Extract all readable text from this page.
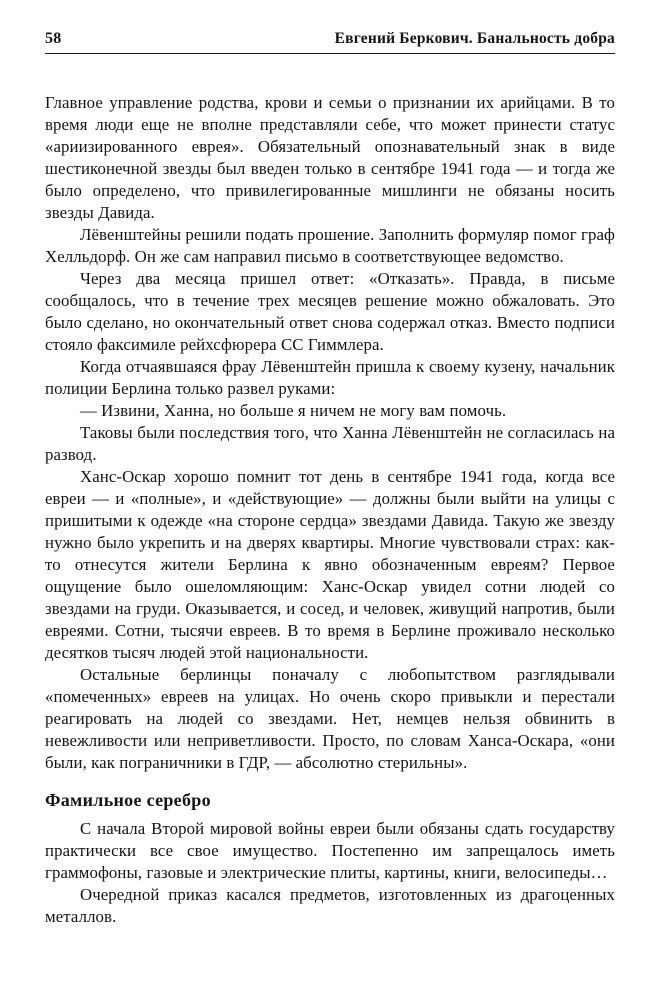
58	Евгений Беркович. Банальность добра

Главное управление родства, крови и семьи о признании их арийцами. В то время люди еще не вполне представляли себе, что может принести статус «ариизированного еврея». Обязательный опознавательный знак в виде шестиконечной звезды был введен только в сентябре 1941 года — и тогда же было определено, что привилегированные мишлинги не обязаны носить звезды Давида.

Лёвенштейны решили подать прошение. Заполнить формуляр помог граф Хелльдорф. Он же сам направил письмо в соответствующее ведомство.

Через два месяца пришел ответ: «Отказать». Правда, в письме сообщалось, что в течение трех месяцев решение можно обжаловать. Это было сделано, но окончательный ответ снова содержал отказ. Вместо подписи стояло факсимиле рейхсфюрера СС Гиммлера.

Когда отчаявшаяся фрау Лёвенштейн пришла к своему кузену, начальник полиции Берлина только развел руками:

— Извини, Ханна, но больше я ничем не могу вам помочь.

Таковы были последствия того, что Ханна Лёвенштейн не согласилась на развод.

Ханс-Оскар хорошо помнит тот день в сентябре 1941 года, когда все евреи — и «полные», и «действующие» — должны были выйти на улицы с пришитыми к одежде «на стороне сердца» звездами Давида. Такую же звезду нужно было укрепить и на дверях квартиры. Многие чувствовали страх: как-то отнесутся жители Берлина к явно обозначенным евреям? Первое ощущение было ошеломляющим: Ханс-Оскар увидел сотни людей со звездами на груди. Оказывается, и сосед, и человек, живущий напротив, были евреями. Сотни, тысячи евреев. В то время в Берлине проживало несколько десятков тысяч людей этой национальности.

Остальные берлинцы поначалу с любопытством разглядывали «помеченных» евреев на улицах. Но очень скоро привыкли и перестали реагировать на людей со звездами. Нет, немцев нельзя обвинить в невежливости или неприветливости. Просто, по словам Ханса-Оскара, «они были, как пограничники в ГДР, — абсолютно стерильны».

Фамильное серебро

С начала Второй мировой войны евреи были обязаны сдать государству практически все свое имущество. Постепенно им запрещалось иметь граммофоны, газовые и электрические плиты, картины, книги, велосипеды…

Очередной приказ касался предметов, изготовленных из драгоценных металлов.
